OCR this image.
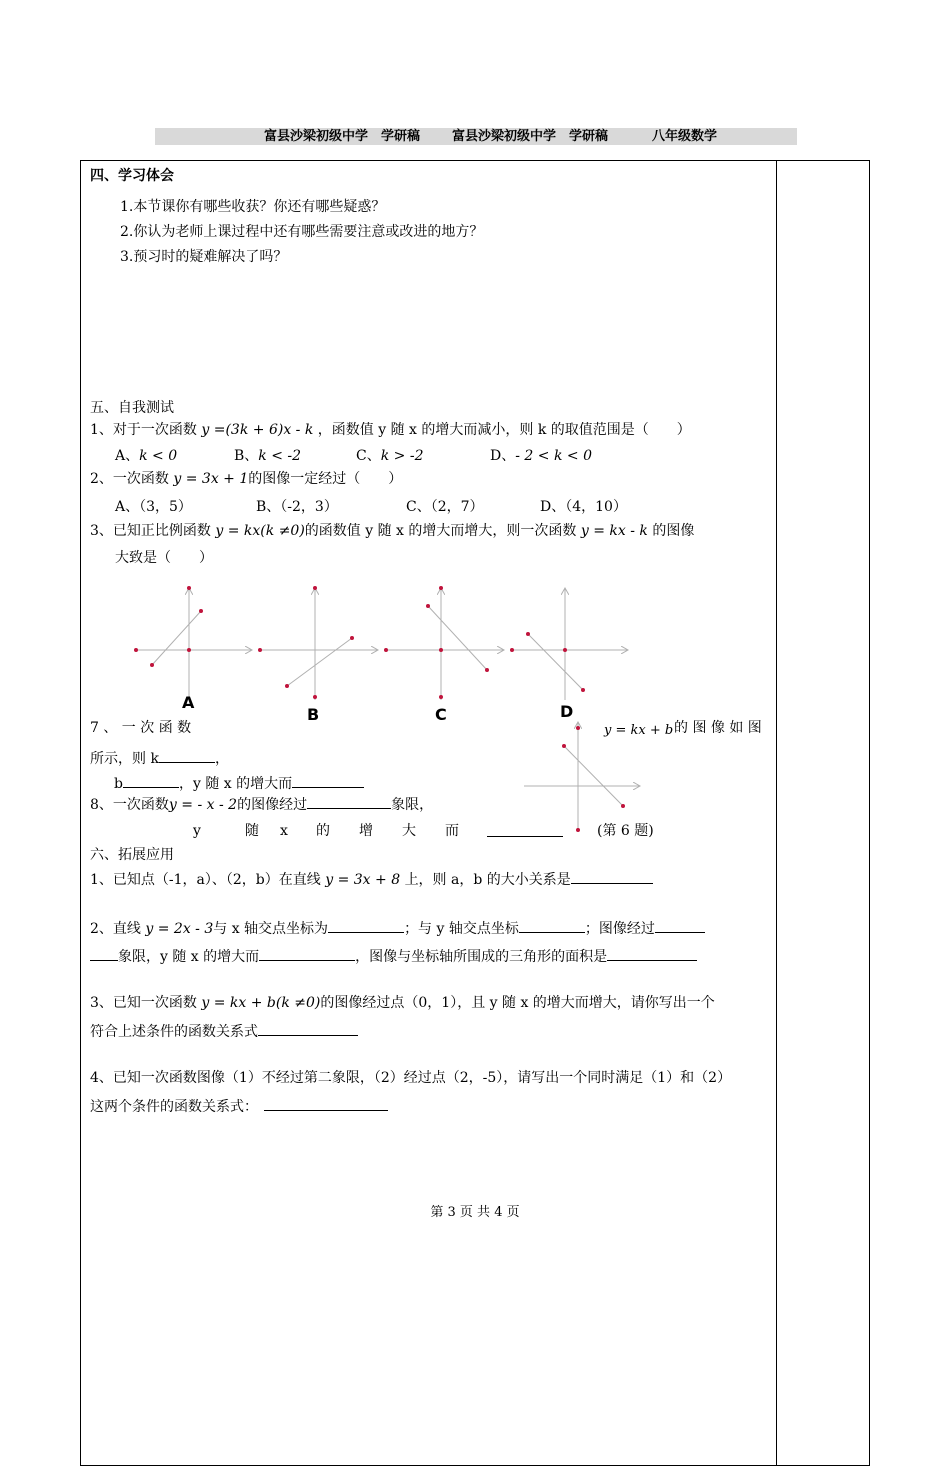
富县沙梁初级中学　学研稿 富县沙梁初级中学　学研稿	八年级数学
四、学习体会
1.本节课你有哪些收获？你还有哪些疑惑？
2.你认为老师上课过程中还有哪些需要注意或改进的地方？
3.预习时的疑难解决了吗？
五、自我测试
1、对于一次函数 y =(3k + 6)x - k ，函数值 y 随 x 的增大而减小，则 k 的取值范围是（　　）
A、k < 0	B、k < -2	C、k > -2	D、- 2 < k < 0
2、一次函数 y = 3x + 1的图像一定经过（　　）
A、（3，5）	B、（-2，3）	C、（2，7）	D、（4，10）
3、已知正比例函数 y = kx(k ≠0)的函数值 y 随 x 的增大而增大，则一次函数 y = kx - k 的图像
大致是（　　）
A
B	C	D
7 、 一 次 函 数	y = kx + b 的 图 像 如 图
所示，则 k	，
b	，y 随 x 的增大而
8、一次函数y = - x - 2的图像经过	象限，
y	随 x 的 增 大 而	(第 6 题)
六、拓展应用
1、已知点（-1，a）、（2，b）在直线 y = 3x + 8 上，则 a，b 的大小关系是
2、直线 y = 2x - 3与 x 轴交点坐标为	；与 y 轴交点坐标	；图像经过
象限，y 随 x 的增大而	，图像与坐标轴所围成的三角形的面积是
3、已知一次函数 y = kx + b(k ≠0)的图像经过点（0，1），且 y 随 x 的增大而增大，请你写出一个
符合上述条件的函数关系式
4、已知一次函数图像（1）不经过第二象限，（2）经过点（2，-5），请写出一个同时满足（1）和（2）
这两个条件的函数关系式：
第 3 页 共 4 页
